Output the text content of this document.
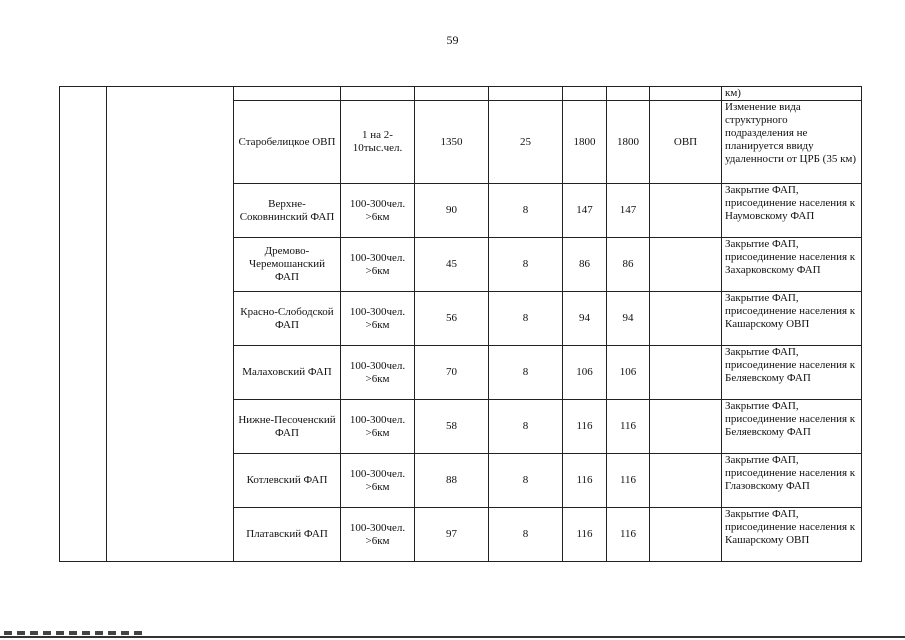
59
									км)
		Старобелицкое ОВП	1 на 2-10тыс.чел.	1350	25	1800	1800	ОВП	Изменение вида структурного подразделения не планируется ввиду удаленности от ЦРБ (35 км)
		Верхне-Соковнинский ФАП	100-300чел. >6км	90	8	147	147		Закрытие ФАП, присоединение населения к Наумовскому ФАП
		Дремово-Черемошанский ФАП	100-300чел. >6км	45	8	86	86		Закрытие ФАП, присоединение населения к Захарковскому ФАП
		Красно-Слободской ФАП	100-300чел. >6км	56	8	94	94		Закрытие ФАП, присоединение населения к Кашарскому ОВП
		Малаховский ФАП	100-300чел. >6км	70	8	106	106		Закрытие ФАП, присоединение населения к Беляевскому ФАП
		Нижне-Песоченский ФАП	100-300чел. >6км	58	8	116	116		Закрытие ФАП, присоединение населения к Беляевскому ФАП
		Котлевский ФАП	100-300чел. >6км	88	8	116	116		Закрытие ФАП, присоединение населения к Глазовскому ФАП
		Платавский ФАП	100-300чел. >6км	97	8	116	116		Закрытие ФАП, присоединение населения к Кашарскому ОВП
